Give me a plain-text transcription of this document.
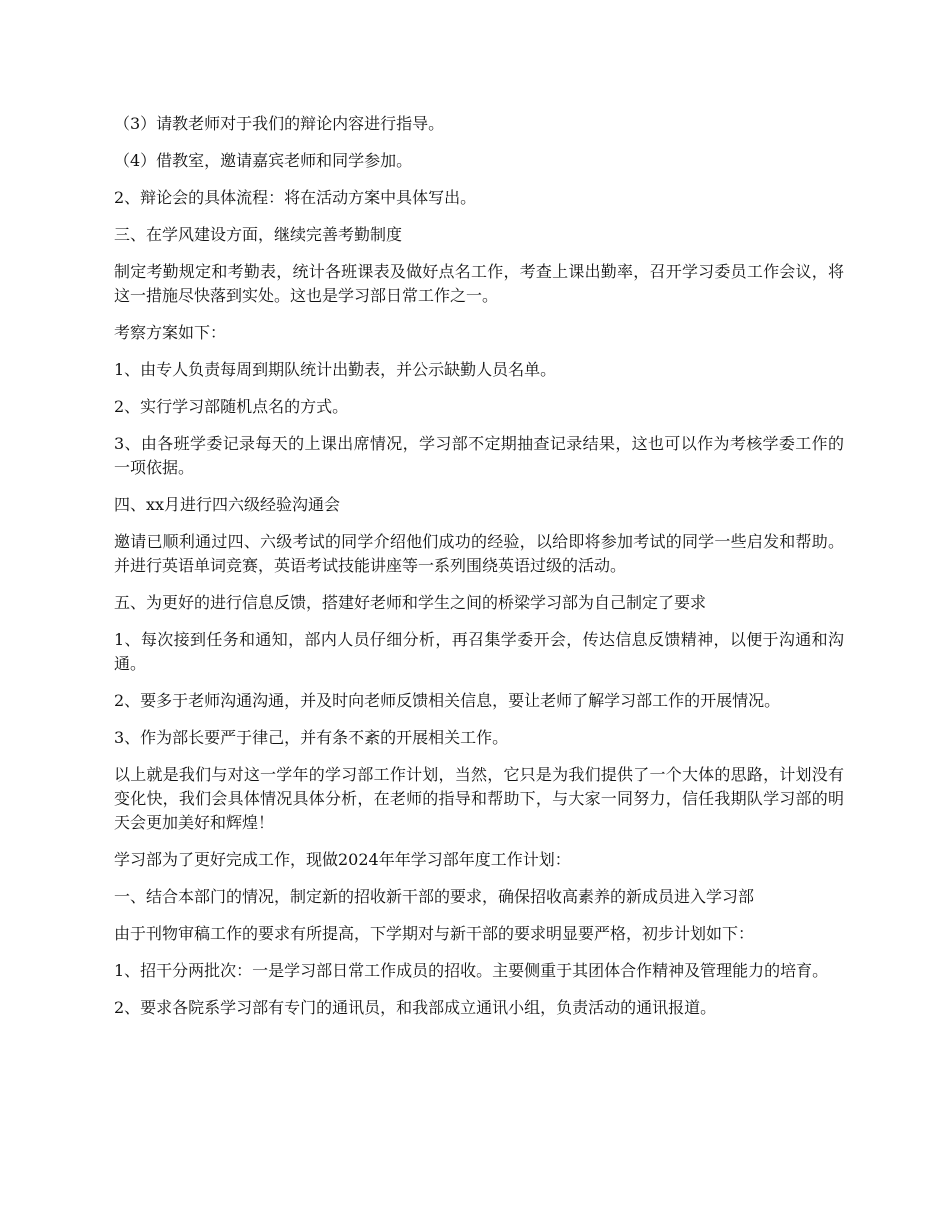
（3）请教老师对于我们的辩论内容进行指导。

（4）借教室，邀请嘉宾老师和同学参加。

2、辩论会的具体流程：将在活动方案中具体写出。

三、在学风建设方面，继续完善考勤制度

制定考勤规定和考勤表，统计各班课表及做好点名工作，考查上课出勤率，召开学习委员工作会议，将这一措施尽快落到实处。这也是学习部日常工作之一。

考察方案如下：

1、由专人负责每周到期队统计出勤表，并公示缺勤人员名单。

2、实行学习部随机点名的方式。

3、由各班学委记录每天的上课出席情况，学习部不定期抽查记录结果，这也可以作为考核学委工作的一项依据。

四、xx月进行四六级经验沟通会

邀请已顺利通过四、六级考试的同学介绍他们成功的经验，以给即将参加考试的同学一些启发和帮助。并进行英语单词竞赛，英语考试技能讲座等一系列围绕英语过级的活动。

五、为更好的进行信息反馈，搭建好老师和学生之间的桥梁学习部为自己制定了要求

1、每次接到任务和通知，部内人员仔细分析，再召集学委开会，传达信息反馈精神，以便于沟通和沟通。

2、要多于老师沟通沟通，并及时向老师反馈相关信息，要让老师了解学习部工作的开展情况。

3、作为部长要严于律己，并有条不紊的开展相关工作。

以上就是我们与对这一学年的学习部工作计划，当然，它只是为我们提供了一个大体的思路，计划没有变化快，我们会具体情况具体分析，在老师的指导和帮助下，与大家一同努力，信任我期队学习部的明天会更加美好和辉煌！

学习部为了更好完成工作，现做2024年年学习部年度工作计划：

一、结合本部门的情况，制定新的招收新干部的要求，确保招收高素养的新成员进入学习部

由于刊物审稿工作的要求有所提高，下学期对与新干部的要求明显要严格，初步计划如下：

1、招干分两批次：一是学习部日常工作成员的招收。主要侧重于其团体合作精神及管理能力的培育。

2、要求各院系学习部有专门的通讯员，和我部成立通讯小组，负责活动的通讯报道。
